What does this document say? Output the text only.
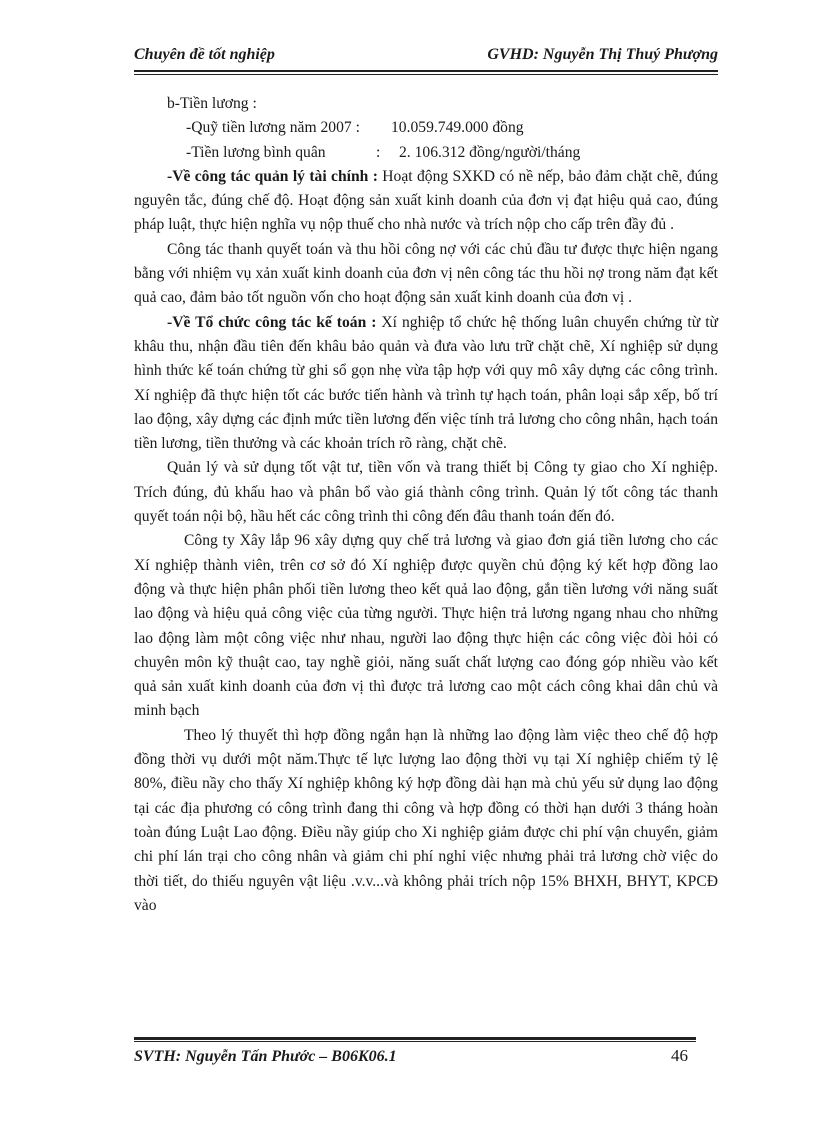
Chuyên đề tốt nghiệp	GVHD: Nguyễn Thị Thuý Phượng

b-Tiền lương :

-Quỹ tiền lương năm 2007 : 10.059.749.000 đồng

-Tiền lương bình quân	: 2. 106.312 đồng/người/tháng

-Về công tác quản lý tài chính : Hoạt động SXKD có nề nếp, bảo đảm chặt chẽ, đúng nguyên tắc, đúng chế độ. Hoạt động sản xuất kinh doanh của đơn vị đạt hiệu quả cao, đúng pháp luật, thực hiện nghĩa vụ nộp thuế cho nhà nước và trích nộp cho cấp trên đầy đủ .

Công tác thanh quyết toán và thu hồi công nợ với các chủ đầu tư được thực hiện ngang bằng với nhiệm vụ xản xuất kinh doanh của đơn vị nên công tác thu hồi nợ trong năm đạt kết quả cao, đảm bảo tốt nguồn vốn cho hoạt động sản xuất kinh doanh của đơn vị .

-Về Tổ chức công tác kế toán : Xí nghiệp tổ chức hệ thống luân chuyển chứng từ từ khâu thu, nhận đầu tiên đến khâu bảo quản và đưa vào lưu trữ chặt chẽ, Xí nghiệp sử dụng hình thức kế toán chứng từ ghi sổ gọn nhẹ vừa tập hợp với quy mô xây dựng các công trình. Xí nghiệp đã thực hiện tốt các bước tiến hành và trình tự hạch toán, phân loại sắp xếp, bố trí lao động, xây dựng các định mức tiền lương đến việc tính trả lương cho công nhân, hạch toán tiền lương, tiền thưởng và các khoản trích rõ ràng, chặt chẽ.

Quản lý và sử dụng tốt vật tư, tiền vốn và trang thiết bị Công ty giao cho Xí nghiệp. Trích đúng, đủ khấu hao và phân bổ vào giá thành công trình. Quản lý tốt công tác thanh quyết toán nội bộ, hầu hết các công trình thi công đến đâu thanh toán đến đó.

Công ty Xây lắp 96 xây dựng quy chế trả lương và giao đơn giá tiền lương cho các Xí nghiệp thành viên, trên cơ sở đó Xí nghiệp được quyền chủ động ký kết hợp đồng lao động và thực hiện phân phối tiền lương theo kết quả lao động, gắn tiền lương với năng suất lao động và hiệu quả công việc của từng người. Thực hiện trả lương ngang nhau cho những lao động làm một công việc như nhau, người lao động thực hiện các công việc đòi hỏi có chuyên môn kỹ thuật cao, tay nghề giỏi, năng suất chất lượng cao đóng góp nhiều vào kết quả sản xuất kinh doanh của đơn vị thì được trả lương cao một cách công khai dân chủ và minh bạch

Theo lý thuyết thì hợp đồng ngắn hạn là những lao động làm việc theo chế độ hợp đồng thời vụ dưới một năm.Thực tế lực lượng lao động thời vụ tại Xí nghiệp chiếm tỷ lệ 80%, điều nầy cho thấy Xí nghiệp không ký hợp đồng dài hạn mà chủ yếu sử dụng lao động tại các địa phương có công trình đang thi công và hợp đồng có thời hạn dưới 3 tháng hoàn toàn đúng Luật Lao động. Điều nầy giúp cho Xi nghiệp giảm được chi phí vận chuyển, giảm chi phí lán trại cho công nhân và giảm chi phí nghỉ việc nhưng phải trả lương chờ việc do thời tiết, do thiếu nguyên vật liệu .v.v...và không phải trích nộp 15% BHXH, BHYT, KPCĐ vào

SVTH: Nguyễn Tấn Phước – B06K06.1	46
